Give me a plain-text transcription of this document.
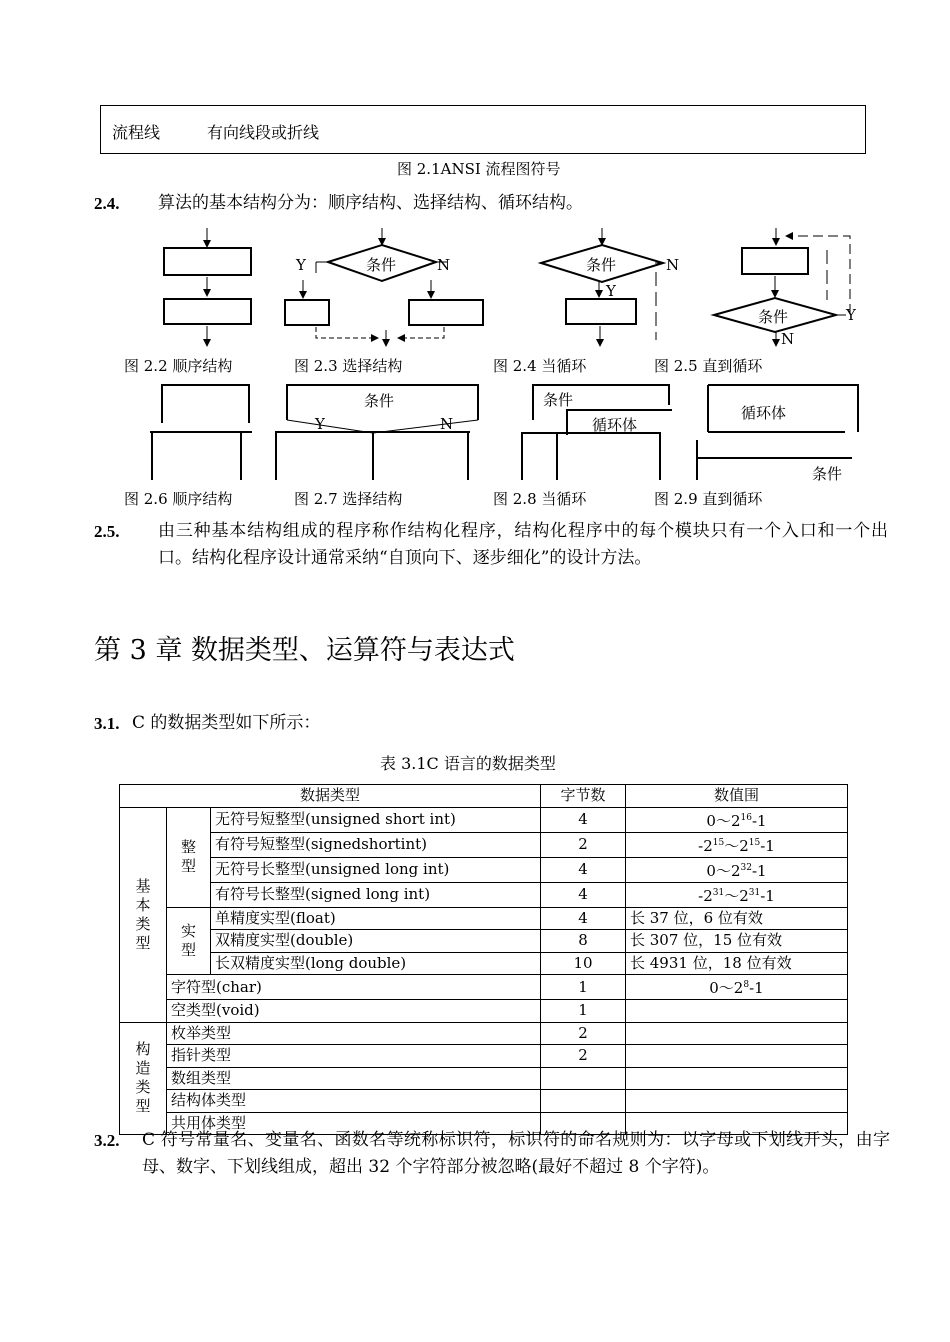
流程线	有向线段或折线
图 2.1ANSI 流程图符号
2.4. 算法的基本结构分为：顺序结构、选择结构、循环结构。
条件
Y	N	条件
Y
N
条件	Y
N
图 2.2 顺序结构	图 2.3 选择结构	图 2.4 当循环	图 2.5 直到循环
条件
Y	N
条件
循环体
循环体
条件
图 2.6 顺序结构	图 2.7 选择结构	图 2.8 当循环	图 2.9 直到循环
2.5. 由三种基本结构组成的程序称作结构化程序，结构化程序中的每个模块只有一个入口和一个出口。结构化程序设计通常采纳“自顶向下、逐步细化”的设计方法。
第 3 章 数据类型、运算符与表达式
3.1. C 的数据类型如下所示：
表 3.1C 语言的数据类型
数据类型			字节数	数值围

基本类型	整型	无符号短整型(unsigned short int)	4	$0\sim 2^{16}-1$
		有符号短整型(signedshortint)	2	$-2^{15}\sim 2^{15}-1$
		无符号长整型(unsigned long int)	4	$0\sim 2^{32}-1$
		有符号长整型(signed long int)	4	$-2^{31}\sim 2^{31}-1$

	实型	单精度实型(float)	4	长 37 位，6 位有效
		双精度实型(double)	8	长 307 位，15 位有效
		长双精度实型(long double)	10	长 4931 位，18 位有效
	字符型(char)		1	$0\sim 2^8-1$
	空类型(void)		1	

构造类型	枚举类型		2	
	指针类型		2	
	数组类型			
	结构体类型			
	共用体类型			
3.2. C 符号常量名、变量名、函数名等统称标识符，标识符的命名规则为：以字母或下划线开头，由字母、数字、下划线组成，超出 32 个字符部分被忽略(最好不超过 8 个字符)。
